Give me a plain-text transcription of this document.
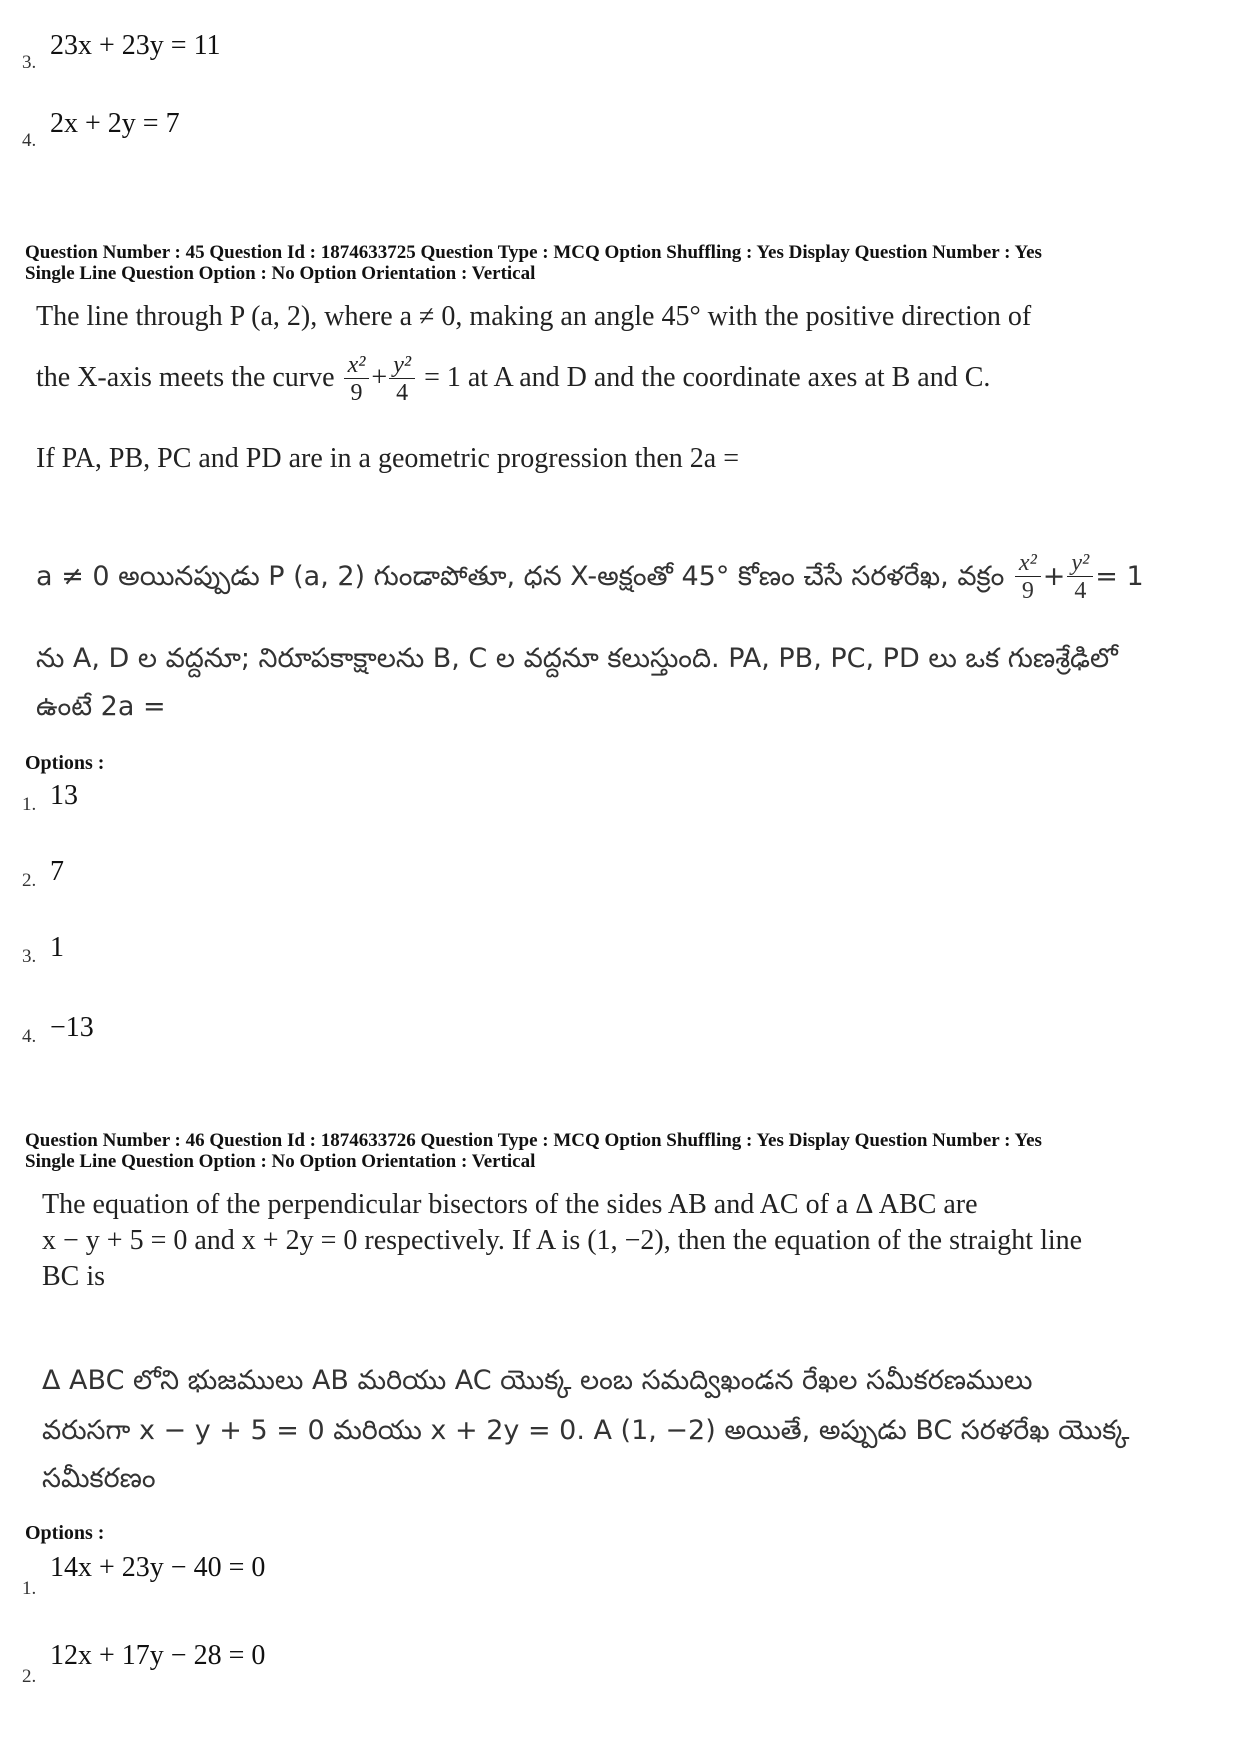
3.
23x + 23y = 11
4.
2x + 2y = 7
Question Number : 45 Question Id : 1874633725 Question Type : MCQ Option Shuffling : Yes Display Question Number : Yes
Single Line Question Option : No Option Orientation : Vertical
The line through P (a, 2), where a ≠ 0, making an angle 45° with the positive direction of
the X-axis meets the curve $\frac{\text{x²}}{9} + \frac{\text{y²}}{4} = 1$ at A and D and the coordinate axes at B and C.
If PA, PB, PC and PD are in a geometric progression then 2a =
a ≠ 0 అయినప్పుడు P (a, 2) గుండాపోతూ, ధన X-అక్షంతో 45° కోణం చేసే సరళరేఖ, వక్రం $\frac{\text{x²}}{9} + \frac{\text{y²}}{4} = 1$
ను A, D ల వద్దనూ; నిరూపకాక్షాలను B, C ల వద్దనూ కలుస్తుంది. PA, PB, PC, PD లు ఒక గుణశ్రేఢిలో
ఉంటే 2a =
Options :
1. 13
2. 7
3. 1
4. −13
Question Number : 46 Question Id : 1874633726 Question Type : MCQ Option Shuffling : Yes Display Question Number : Yes
Single Line Question Option : No Option Orientation : Vertical
The equation of the perpendicular bisectors of the sides AB and AC of a Δ ABC are
x − y + 5 = 0 and x + 2y = 0 respectively. If A is (1, −2), then the equation of the straight line
BC is
Δ ABC లోని భుజములు AB మరియు AC యొక్క లంబ సమద్విఖండన రేఖల సమీకరణములు
వరుసగా x − y + 5 = 0 మరియు x + 2y = 0. A (1, −2) అయితే, అప్పుడు BC సరళరేఖ యొక్క
సమీకరణం
Options :
1.
14x + 23y − 40 = 0
2.
12x + 17y − 28 = 0
